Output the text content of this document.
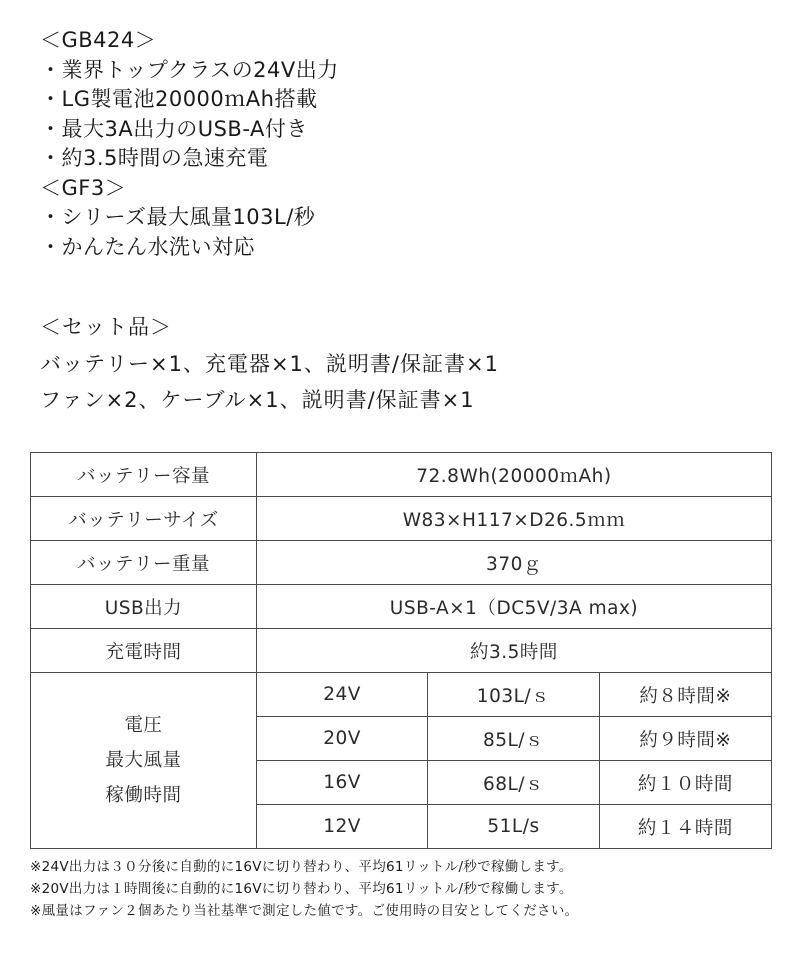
＜GB424＞
・業界トップクラスの24V出力
・LG製電池20000ｍAh搭載
・最大3A出力のUSB-A付き
・約3.5時間の急速充電
＜GF3＞
・シリーズ最大風量103L/秒
・かんたん水洗い対応
＜セット品＞
バッテリー×1、充電器×1、説明書/保証書×1
ファン×2、ケーブル×1、説明書/保証書×1
バッテリー容量	72.8Wh(20000ｍAh)		
バッテリーサイズ	W83×H117×D26.5ｍｍ		
バッテリー重量	370ｇ		
USB出力	USB-A×1（DC5V/3A max)		
充電時間	約3.5時間		

電圧
最大風量
稼働時間	24V	103L/ｓ	約８時間※
	20V	85L/ｓ	約９時間※
	16V	68L/ｓ	約１０時間
	12V	51L/s	約１４時間
※24V出力は３０分後に自動的に16Vに切り替わり、平均61リットル/秒で稼働します。
※20V出力は１時間後に自動的に16Vに切り替わり、平均61リットル/秒で稼働します。
※風量はファン２個あたり当社基準で測定した値です。ご使用時の目安としてください。
